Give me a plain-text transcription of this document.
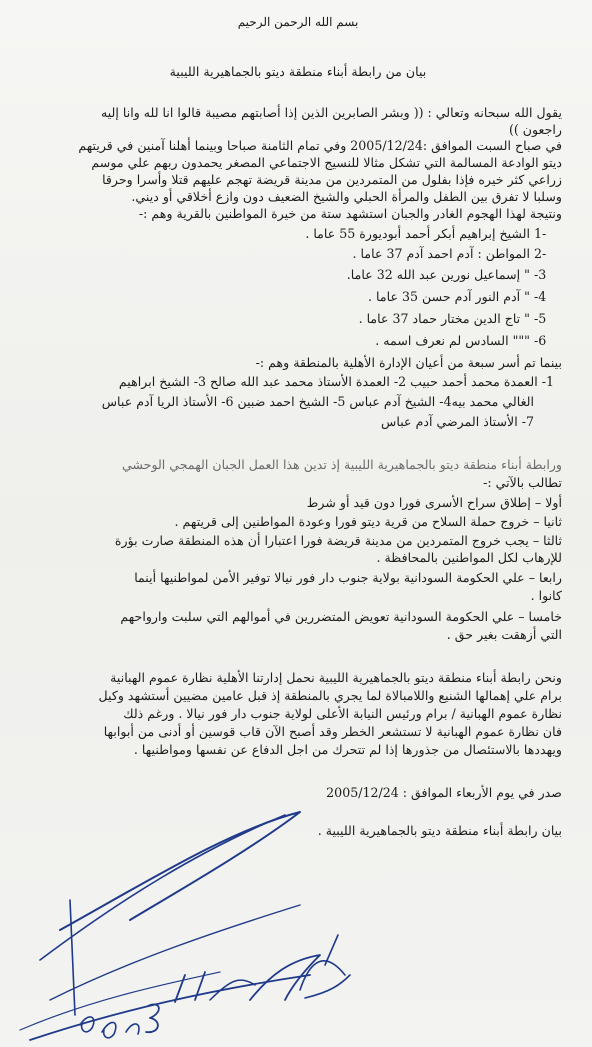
بسم الله الرحمن الرحيم

بيان من رابطة أبناء منطقة ديتو بالجماهيرية الليبية

يقول الله سبحانه وتعالي : (( وبشر الصابرين الذين إذا أصابتهم مصيبة قالوا انا لله وانا إليه

راجعون ))

في صباح السبت الموافق :2005/12/24 وفي تمام الثامنة صباحا وبينما أهلنا آمنين في قريتهم

ديتو الوادعة المسالمة التي تشكل مثالا للنسيج الاجتماعي المصغر يحمدون ربهم علي موسم

زراعي كثر خيره فإذا بفلول من المتمردين من مدينة قريضة تهجم عليهم قتلا وأسرا وحرقا

وسلبا لا تفرق بين الطفل والمرأة الحبلي والشيخ الضعيف دون وازع أخلاقي أو ديني.

ونتيجة لهذا الهجوم الغادر والجبان استشهد ستة من خيرة المواطنين بالقرية وهم :-

1- الشيخ إبراهيم أبكر أحمد أبوديورة 55 عاما .

2- المواطن : آدم احمد آدم 37 عاما .

-3 " إسماعيل نورين عبد الله 32 عاما.

-4 " آدم النور آدم حسن 35 عاما .

-5 " تاج الدين مختار حماد 37 عاما .

-6 """ السادس لم نعرف اسمه .

بينما تم أسر سبعة من أعيان الإدارة الأهلية بالمنطقة وهم :-

1- العمدة محمد أحمد حبيب 2- العمدة الأستاذ محمد عبد الله صالح 3- الشيخ ابراهيم

الغالي محمد بيه4- الشيخ آدم عباس 5- الشيخ احمد ضبين 6- الأستاذ الريا آدم عباس

7- الأستاذ المرضي آدم عباس

ورابطة أبناء منطقة ديتو بالجماهيرية الليبية إذ تدين هذا العمل الجبان الهمجي الوحشي

تطالب بالآتي :-

أولا – إطلاق سراح الأسرى فورا دون قيد أو شرط

ثانيا – خروج حملة السلاح من قرية ديتو فورا وعودة المواطنين إلى قريتهم .

ثالثا – يجب خروج المتمردين من مدينة قريضة فورا اعتبارا أن هذه المنطقة صارت بؤرة

للإرهاب لكل المواطنين بالمحافظة .

رابعا – علي الحكومة السودانية بولاية جنوب دار فور نيالا توفير الأمن لمواطنيها أينما

كانوا .

خامسا – علي الحكومة السودانية تعويض المتضررين في أموالهم التي سلبت وارواحهم

التي أزهقت بغير حق .

ونحن رابطة أبناء منطقة ديتو بالجماهيرية الليبية نحمل إدارتنا الأهلية نظارة عموم الهبانية

برام علي إهمالها الشنيع واللامبالاة لما يجري بالمنطقة إذ قبل عامين مضيين أستشهد وكيل

نظارة عموم الهبانية / برام ورئيس النيابة الأعلى لولاية جنوب دار فور نيالا . ورغم ذلك

فان نظارة عموم الهبانية لا تستشعر الخطر وقد أصبح الآن قاب قوسين أو أدنى من أبوابها

ويهددها بالاستئصال من جذورها إذا لم تتحرك من اجل الدفاع عن نفسها ومواطنيها .

صدر في يوم الأربعاء الموافق : 2005/12/24

بيان رابطة أبناء منطقة ديتو بالجماهيرية الليبية .
